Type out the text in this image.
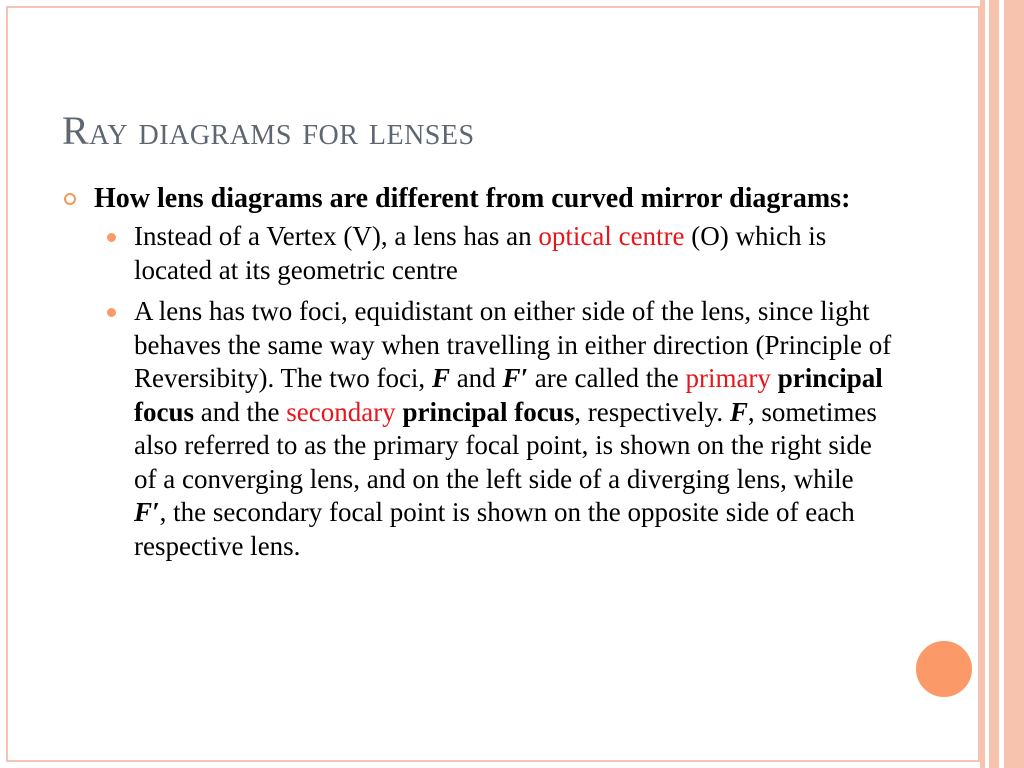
Ray diagrams for lenses
How lens diagrams are different from curved mirror diagrams:
Instead of a Vertex (V), a lens has an optical centre (O) which is located at its geometric centre
A lens has two foci, equidistant on either side of the lens, since light behaves the same way when travelling in either direction (Principle of Reversibity). The two foci, F and F′ are called the primary principal focus and the secondary principal focus, respectively. F, sometimes also referred to as the primary focal point, is shown on the right side of a converging lens, and on the left side of a diverging lens, while F′, the secondary focal point is shown on the opposite side of each respective lens.
